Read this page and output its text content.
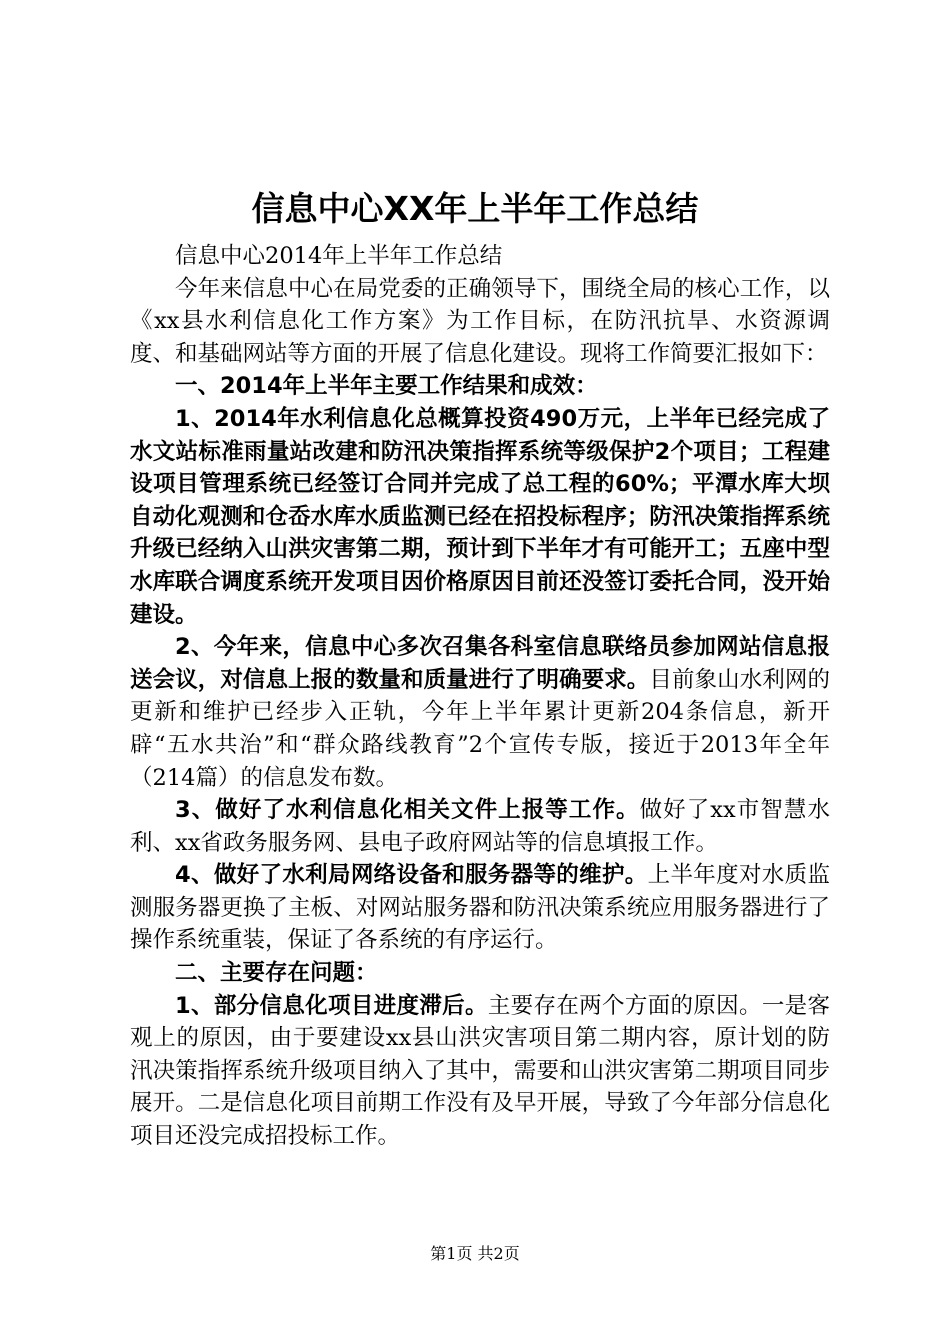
信息中心XX年上半年工作总结

信息中心2014年上半年工作总结

今年来信息中心在局党委的正确领导下，围绕全局的核心工作，以《xx县水利信息化工作方案》为工作目标，在防汛抗旱、水资源调度、和基础网站等方面的开展了信息化建设。现将工作简要汇报如下：

一、2014年上半年主要工作结果和成效：

1、2014年水利信息化总概算投资490万元，上半年已经完成了水文站标准雨量站改建和防汛决策指挥系统等级保护2个项目；工程建设项目管理系统已经签订合同并完成了总工程的60%；平潭水库大坝自动化观测和仓岙水库水质监测已经在招投标程序；防汛决策指挥系统升级已经纳入山洪灾害第二期，预计到下半年才有可能开工；五座中型水库联合调度系统开发项目因价格原因目前还没签订委托合同，没开始建设。

2、今年来，信息中心多次召集各科室信息联络员参加网站信息报送会议，对信息上报的数量和质量进行了明确要求。目前象山水利网的更新和维护已经步入正轨，今年上半年累计更新204条信息，新开辟“五水共治”和“群众路线教育”2个宣传专版，接近于2013年全年（214篇）的信息发布数。

3、做好了水利信息化相关文件上报等工作。做好了xx市智慧水利、xx省政务服务网、县电子政府网站等的信息填报工作。

4、做好了水利局网络设备和服务器等的维护。上半年度对水质监测服务器更换了主板、对网站服务器和防汛决策系统应用服务器进行了操作系统重装，保证了各系统的有序运行。

二、主要存在问题：

1、部分信息化项目进度滞后。主要存在两个方面的原因。一是客观上的原因，由于要建设xx县山洪灾害项目第二期内容，原计划的防汛决策指挥系统升级项目纳入了其中，需要和山洪灾害第二期项目同步展开。二是信息化项目前期工作没有及早开展，导致了今年部分信息化项目还没完成招投标工作。

第1页 共2页
